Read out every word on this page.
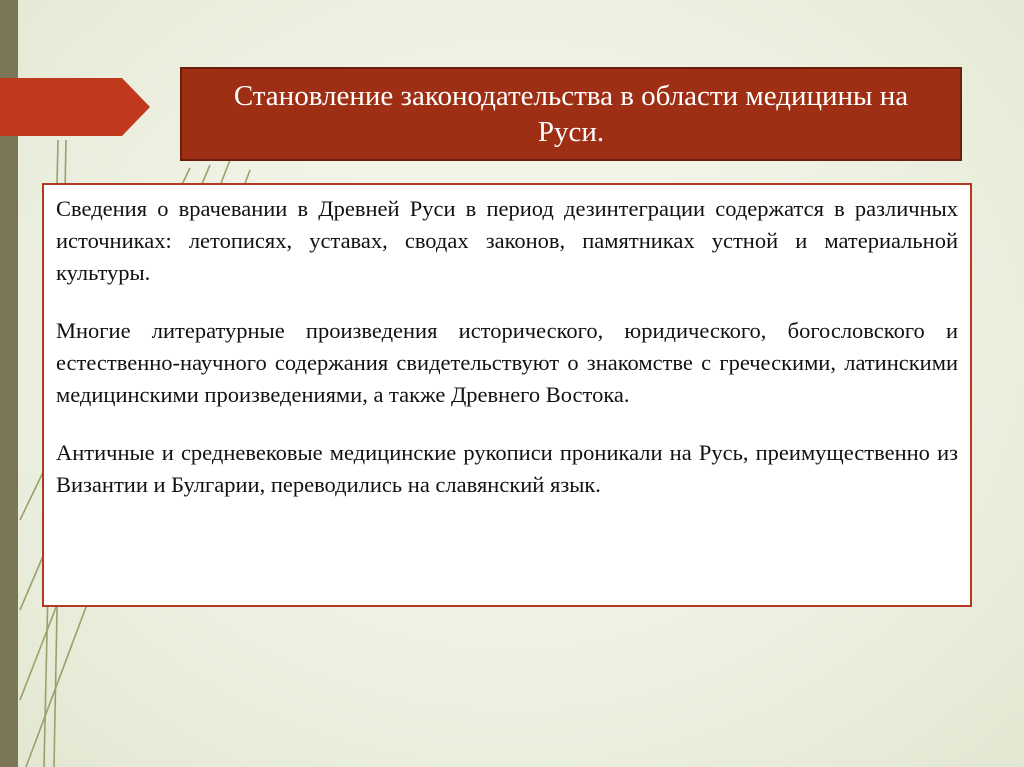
Становление законодательства в области медицины на Руси.

Сведения о врачевании в Древней Руси в период дезинтеграции содержатся в различных источниках: летописях, уставах, сводах законов, памятниках устной и материальной культуры.

Многие литературные произведения исторического, юридического, богословского и естественно-научного содержания свидетельствуют о знакомстве с греческими, латинскими медицинскими произведениями, а также Древнего Востока.

Античные и средневековые медицинские рукописи проникали на Русь, преимущественно из Византии и Булгарии, переводились на славянский язык.
